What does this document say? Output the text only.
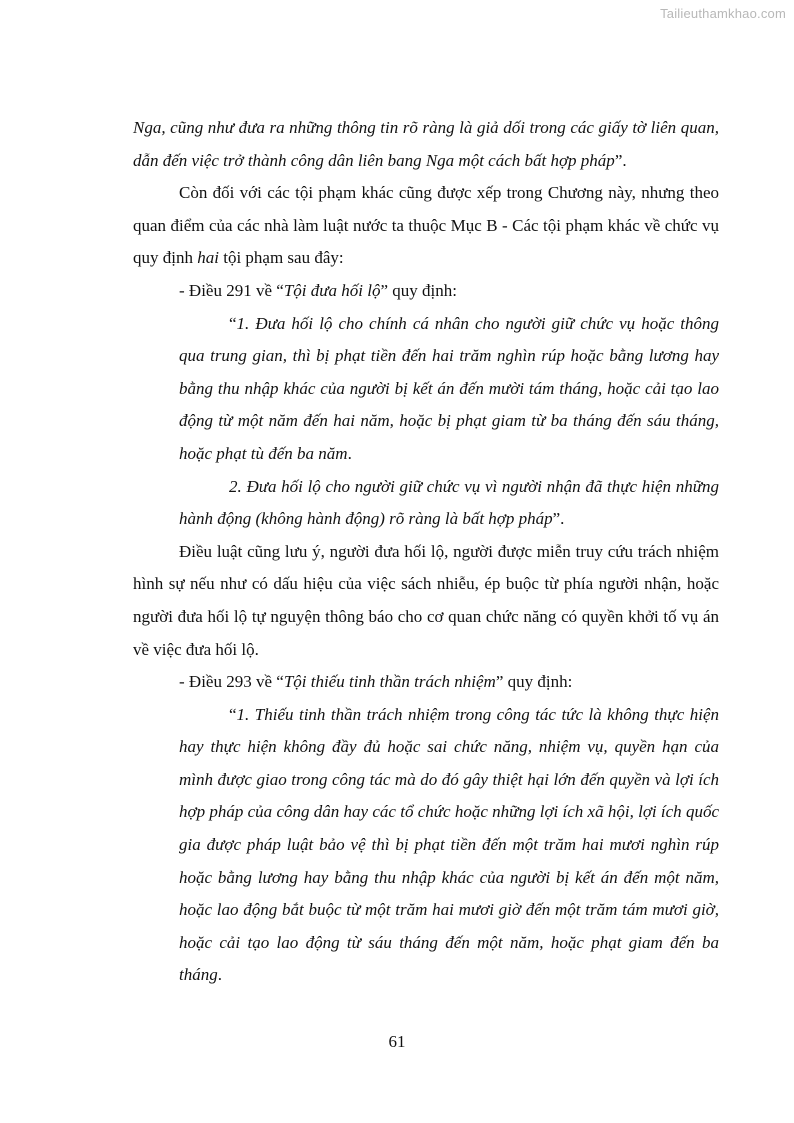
Tailieuthamkhao.com

Nga, cũng như đưa ra những thông tin rõ ràng là giả dối trong các giấy tờ liên quan, dẫn đến việc trở thành công dân liên bang Nga một cách bất hợp pháp”.

Còn đối với các tội phạm khác cũng được xếp trong Chương này, nhưng theo quan điểm của các nhà làm luật nước ta thuộc Mục B - Các tội phạm khác về chức vụ quy định hai tội phạm sau đây:

- Điều 291 về “Tội đưa hối lộ” quy định:

“1. Đưa hối lộ cho chính cá nhân cho người giữ chức vụ hoặc thông qua trung gian, thì bị phạt tiền đến hai trăm nghìn rúp hoặc bằng lương hay bằng thu nhập khác của người bị kết án đến mười tám tháng, hoặc cải tạo lao động từ một năm đến hai năm, hoặc bị phạt giam từ ba tháng đến sáu tháng, hoặc phạt tù đến ba năm.

2. Đưa hối lộ cho người giữ chức vụ vì người nhận đã thực hiện những hành động (không hành động) rõ ràng là bất hợp pháp”.

Điều luật cũng lưu ý, người đưa hối lộ, người được miễn truy cứu trách nhiệm hình sự nếu như có dấu hiệu của việc sách nhiễu, ép buộc từ phía người nhận, hoặc người đưa hối lộ tự nguyện thông báo cho cơ quan chức năng có quyền khởi tố vụ án về việc đưa hối lộ.

- Điều 293 về “Tội thiếu tinh thần trách nhiệm” quy định:

“1. Thiếu tinh thần trách nhiệm trong công tác tức là không thực hiện hay thực hiện không đầy đủ hoặc sai chức năng, nhiệm vụ, quyền hạn của mình được giao trong công tác mà do đó gây thiệt hại lớn đến quyền và lợi ích hợp pháp của công dân hay các tổ chức hoặc những lợi ích xã hội, lợi ích quốc gia được pháp luật bảo vệ thì bị phạt tiền đến một trăm hai mươi nghìn rúp hoặc bằng lương hay bằng thu nhập khác của người bị kết án đến một năm, hoặc lao động bắt buộc từ một trăm hai mươi giờ đến một trăm tám mươi giờ, hoặc cải tạo lao động từ sáu tháng đến một năm, hoặc phạt giam đến ba tháng.

61
